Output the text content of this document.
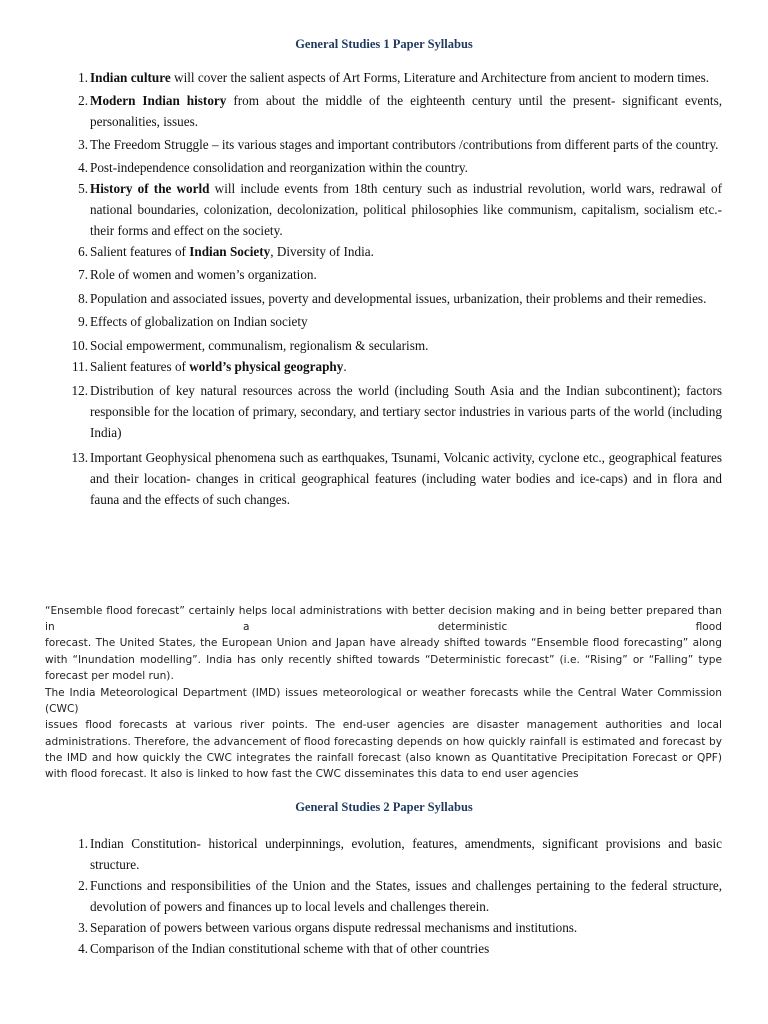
General Studies 1 Paper Syllabus
1. Indian culture will cover the salient aspects of Art Forms, Literature and Architecture from ancient to modern times.
2. Modern Indian history from about the middle of the eighteenth century until the present- significant events, personalities, issues.
3. The Freedom Struggle – its various stages and important contributors /contributions from different parts of the country.
4. Post-independence consolidation and reorganization within the country.
5. History of the world will include events from 18th century such as industrial revolution, world wars, redrawal of national boundaries, colonization, decolonization, political philosophies like communism, capitalism, socialism etc.- their forms and effect on the society.
6. Salient features of Indian Society, Diversity of India.
7. Role of women and women’s organization.
8. Population and associated issues, poverty and developmental issues, urbanization, their problems and their remedies.
9. Effects of globalization on Indian society
10. Social empowerment, communalism, regionalism & secularism.
11. Salient features of world’s physical geography.
12. Distribution of key natural resources across the world (including South Asia and the Indian subcontinent); factors responsible for the location of primary, secondary, and tertiary sector industries in various parts of the world (including India)
13. Important Geophysical phenomena such as earthquakes, Tsunami, Volcanic activity, cyclone etc., geographical features and their location- changes in critical geographical features (including water bodies and ice-caps) and in flora and fauna and the effects of such changes.
“Ensemble flood forecast” certainly helps local administrations with better decision making and in being better prepared than in a deterministic flood
forecast. The United States, the European Union and Japan have already shifted towards “Ensemble flood forecasting” along with “Inundation modelling”. India has only recently shifted towards “Deterministic forecast” (i.e. “Rising” or “Falling” type forecast per model run).
The India Meteorological Department (IMD) issues meteorological or weather forecasts while the Central Water Commission (CWC)
issues flood forecasts at various river points. The end-user agencies are disaster management authorities and local administrations. Therefore, the advancement of flood forecasting depends on how quickly rainfall is estimated and forecast by the IMD and how quickly the CWC integrates the rainfall forecast (also known as Quantitative Precipitation Forecast or QPF) with flood forecast. It also is linked to how fast the CWC disseminates this data to end user agencies
General Studies 2 Paper Syllabus
1. Indian Constitution- historical underpinnings, evolution, features, amendments, significant provisions and basic structure.
2. Functions and responsibilities of the Union and the States, issues and challenges pertaining to the federal structure, devolution of powers and finances up to local levels and challenges therein.
3. Separation of powers between various organs dispute redressal mechanisms and institutions.
4. Comparison of the Indian constitutional scheme with that of other countries
